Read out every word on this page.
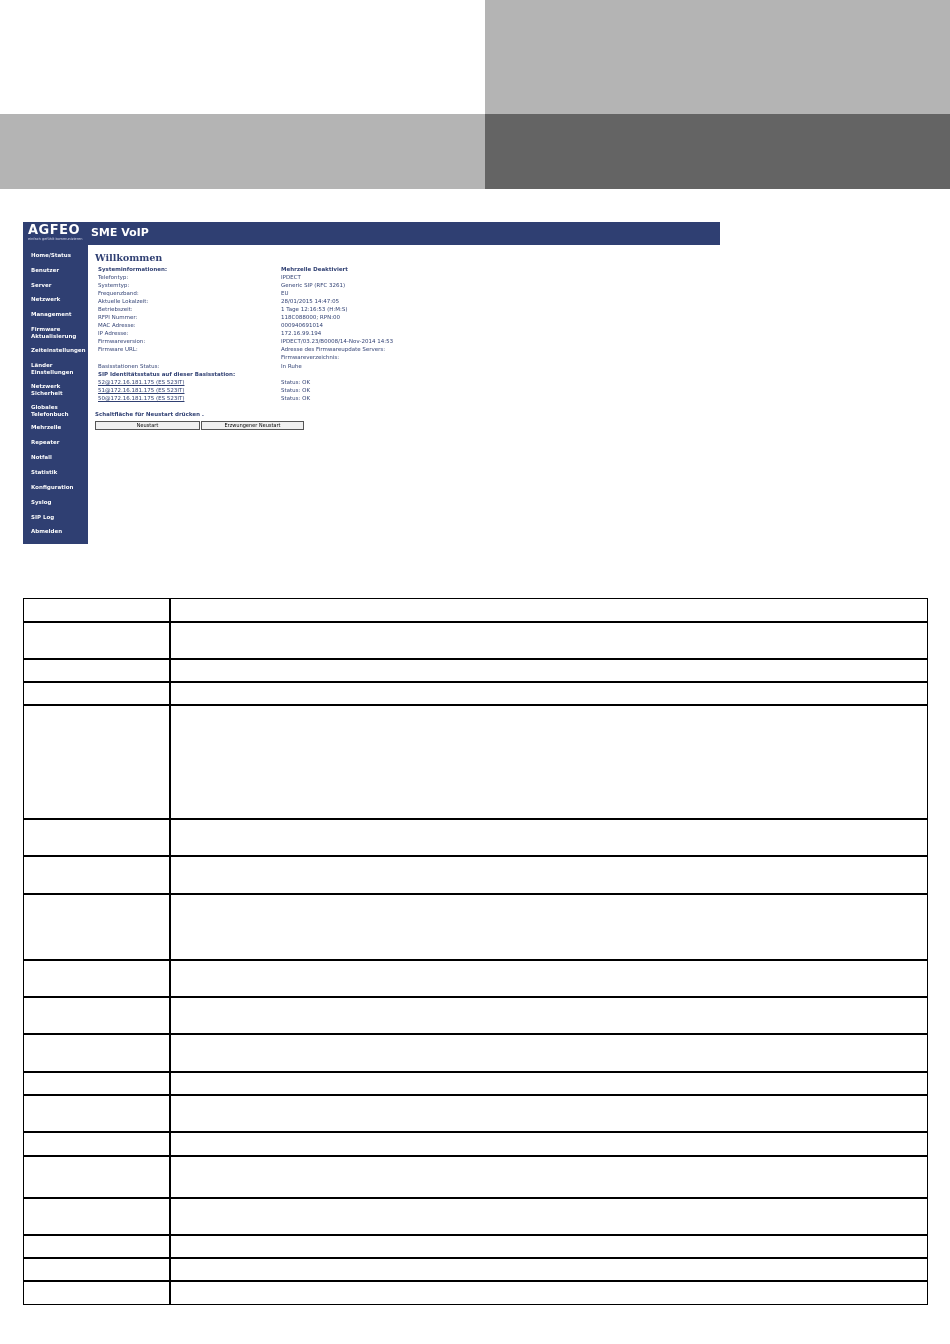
AGFEO
einfach gefühlt kommunizieren SME VoIP
Home/Status
Benutzer
Server
Netzwerk
Management
Firmware Aktualisierung
Zeiteinstellungen
Länder Einstellungen
Netzwerk Sicherheit
Globales Telefonbuch
Mehrzelle
Repeater
Notfall
Statistik
Konfiguration
Syslog
SIP Log
Abmelden
Willkommen
Systeminformationen:	Mehrzelle Deaktiviert
Telefontyp:	IPDECT
Systemtyp:	Generic SIP (RFC 3261)
Frequenzband:	EU
Aktuelle Lokalzeit:	28/01/2015 14:47:05
Betriebszeit:	1 Tage 12:16:53 (H:M:S)
RFPI Nummer:	118C088000; RPN:00
MAC Adresse:	000940691014
IP Adresse:	172.16.99.194
Firmwareversion:	IPDECT/03.23/B0008/14-Nov-2014 14:53
Firmware URL:	Adresse des Firmwareupdate Servers:
Firmwareverzeichnis:
Basisstationen Status:	In Ruhe
SIP Identitätsstatus auf dieser Basisstation:
52@172.16.181.175 (ES 523IT)	Status: OK
51@172.16.181.175 (ES 523IT)	Status: OK
50@172.16.181.175 (ES 523IT)	Status: OK
Schaltfläche für Neustart drücken .
Neustart	Erzwungener Neustart
